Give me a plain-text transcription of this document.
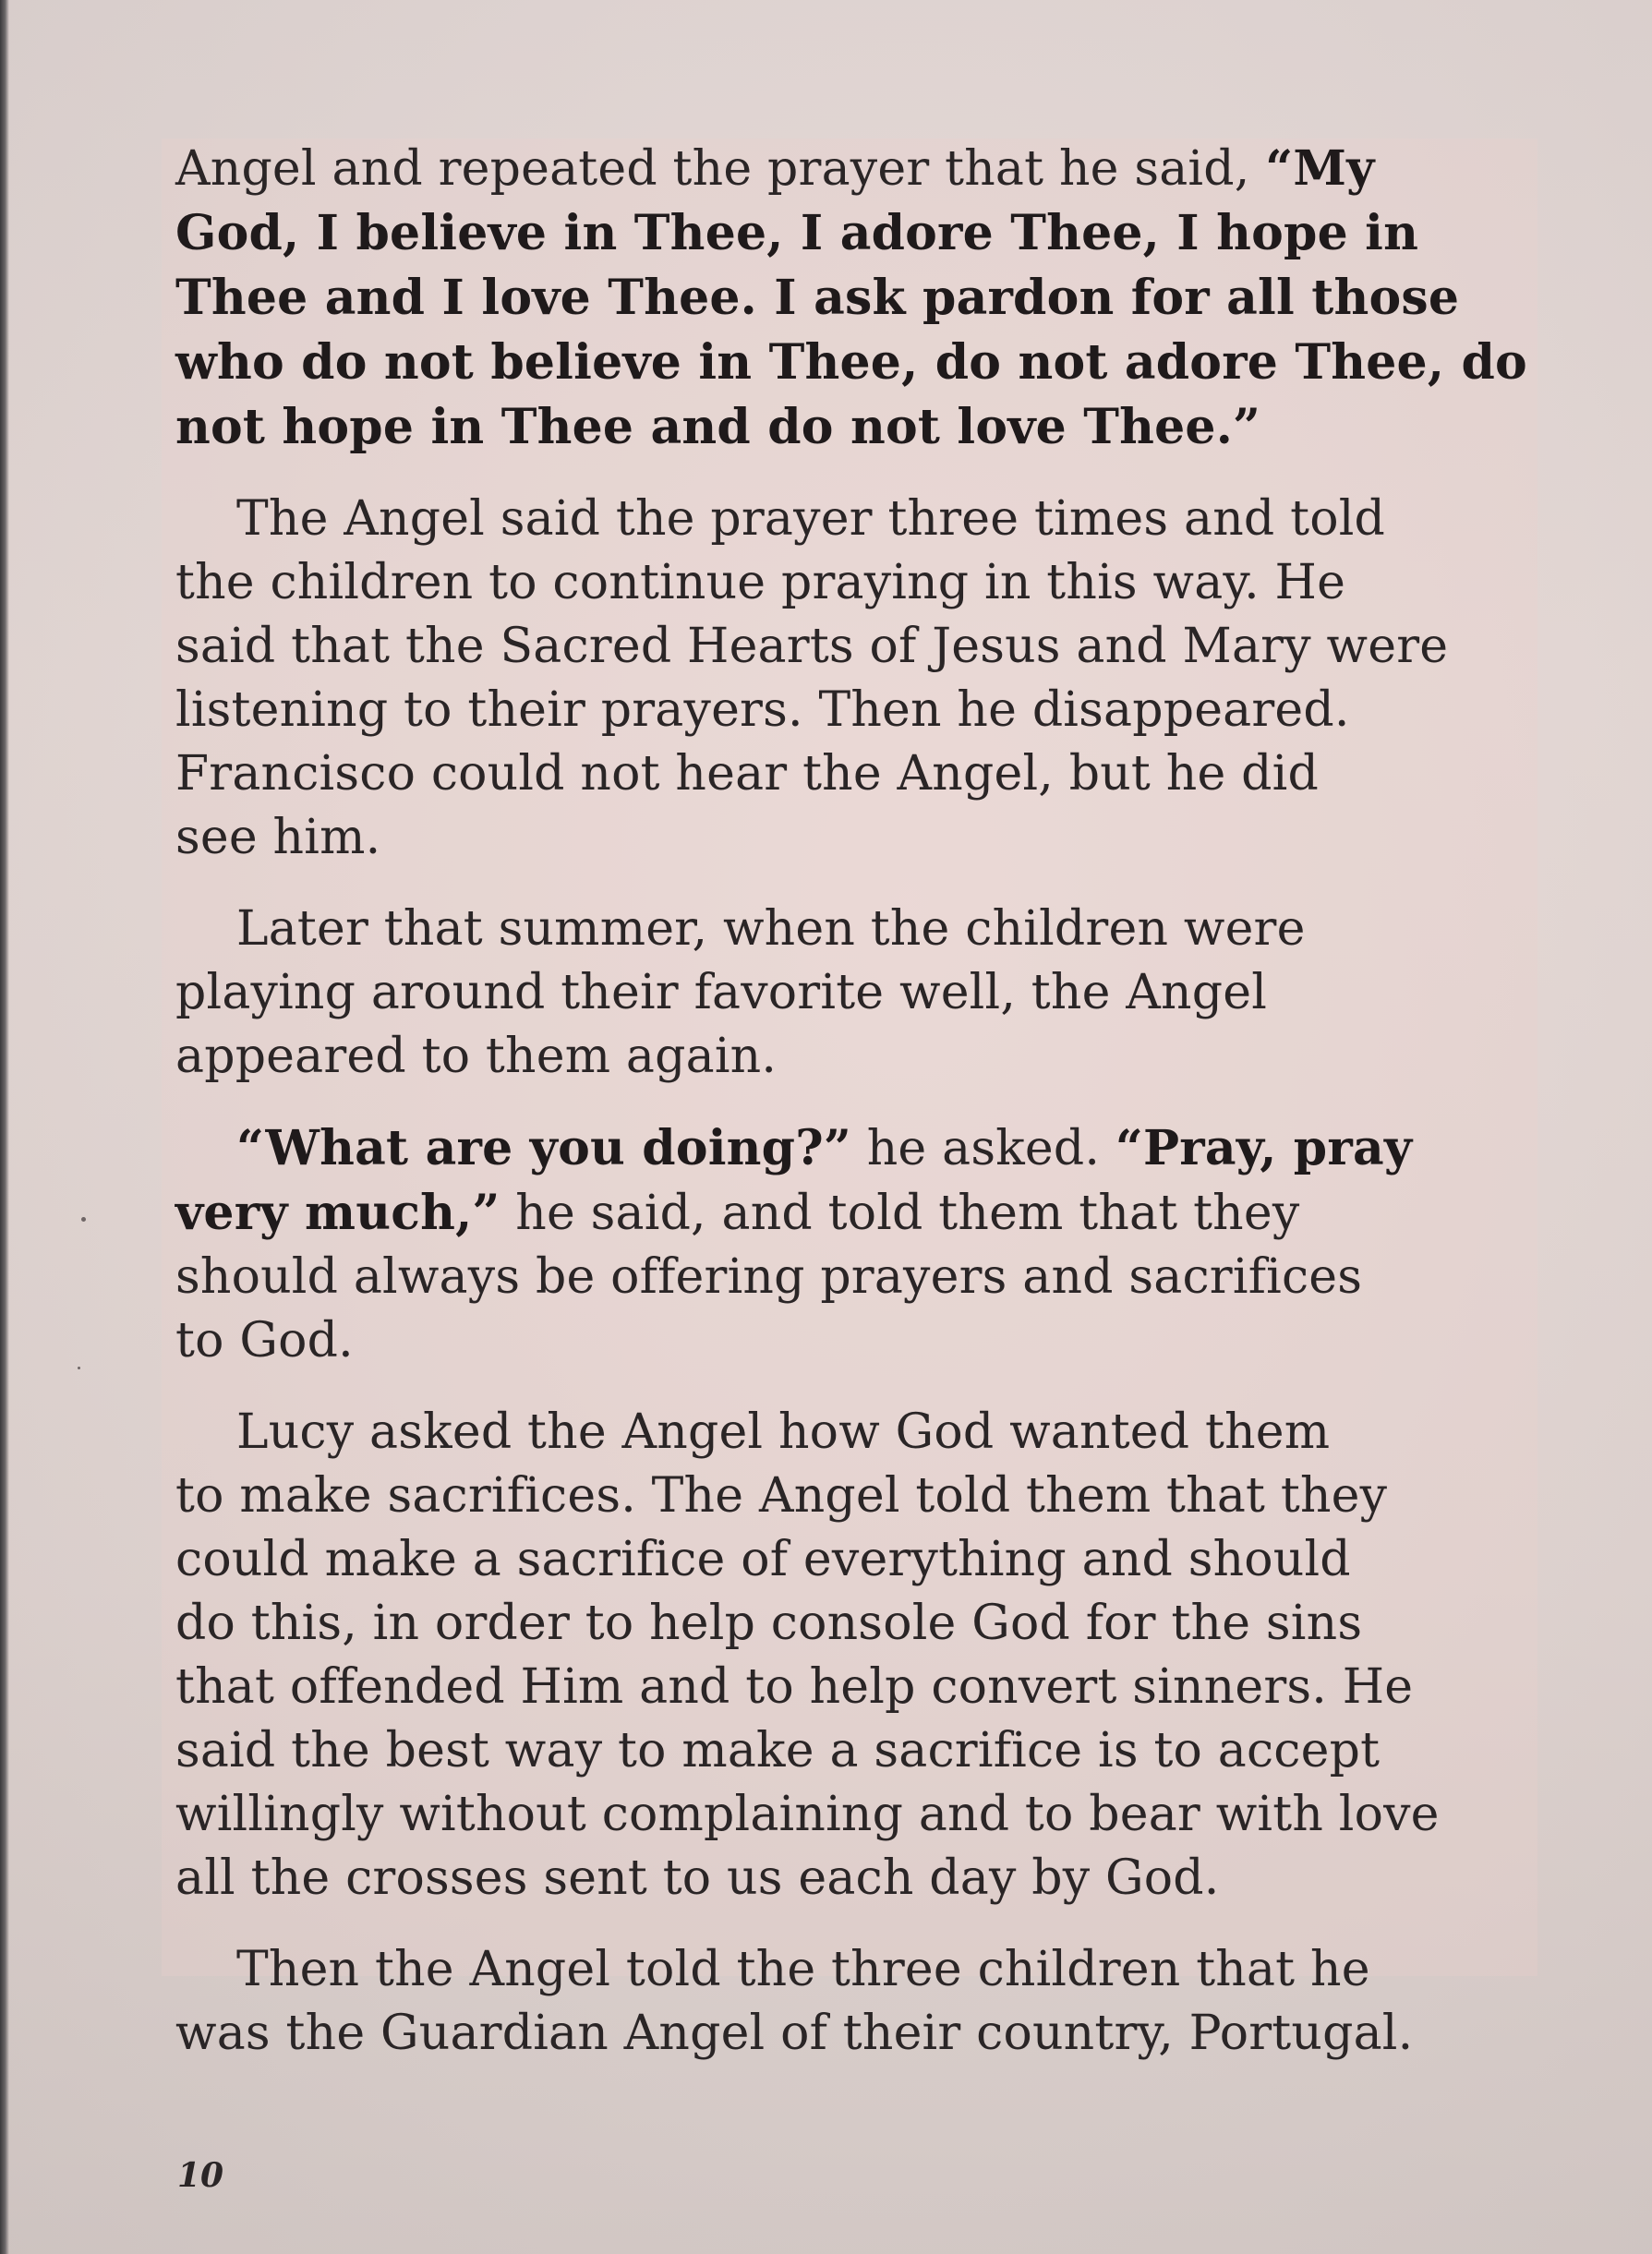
Angel and repeated the prayer that he said, “My
God, I believe in Thee, I adore Thee, I hope in
Thee and I love Thee. I ask pardon for all those
who do not believe in Thee, do not adore Thee, do
not hope in Thee and do not love Thee.”

The Angel said the prayer three times and told
the children to continue praying in this way. He
said that the Sacred Hearts of Jesus and Mary were
listening to their prayers. Then he disappeared.
Francisco could not hear the Angel, but he did
see him.

Later that summer, when the children were
playing around their favorite well, the Angel
appeared to them again.

“What are you doing?” he asked. “Pray, pray
very much,” he said, and told them that they
should always be offering prayers and sacrifices
to God.

Lucy asked the Angel how God wanted them
to make sacrifices. The Angel told them that they
could make a sacrifice of everything and should
do this, in order to help console God for the sins
that offended Him and to help convert sinners. He
said the best way to make a sacrifice is to accept
willingly without complaining and to bear with love
all the crosses sent to us each day by God.

Then the Angel told the three children that he
was the Guardian Angel of their country, Portugal.

10
